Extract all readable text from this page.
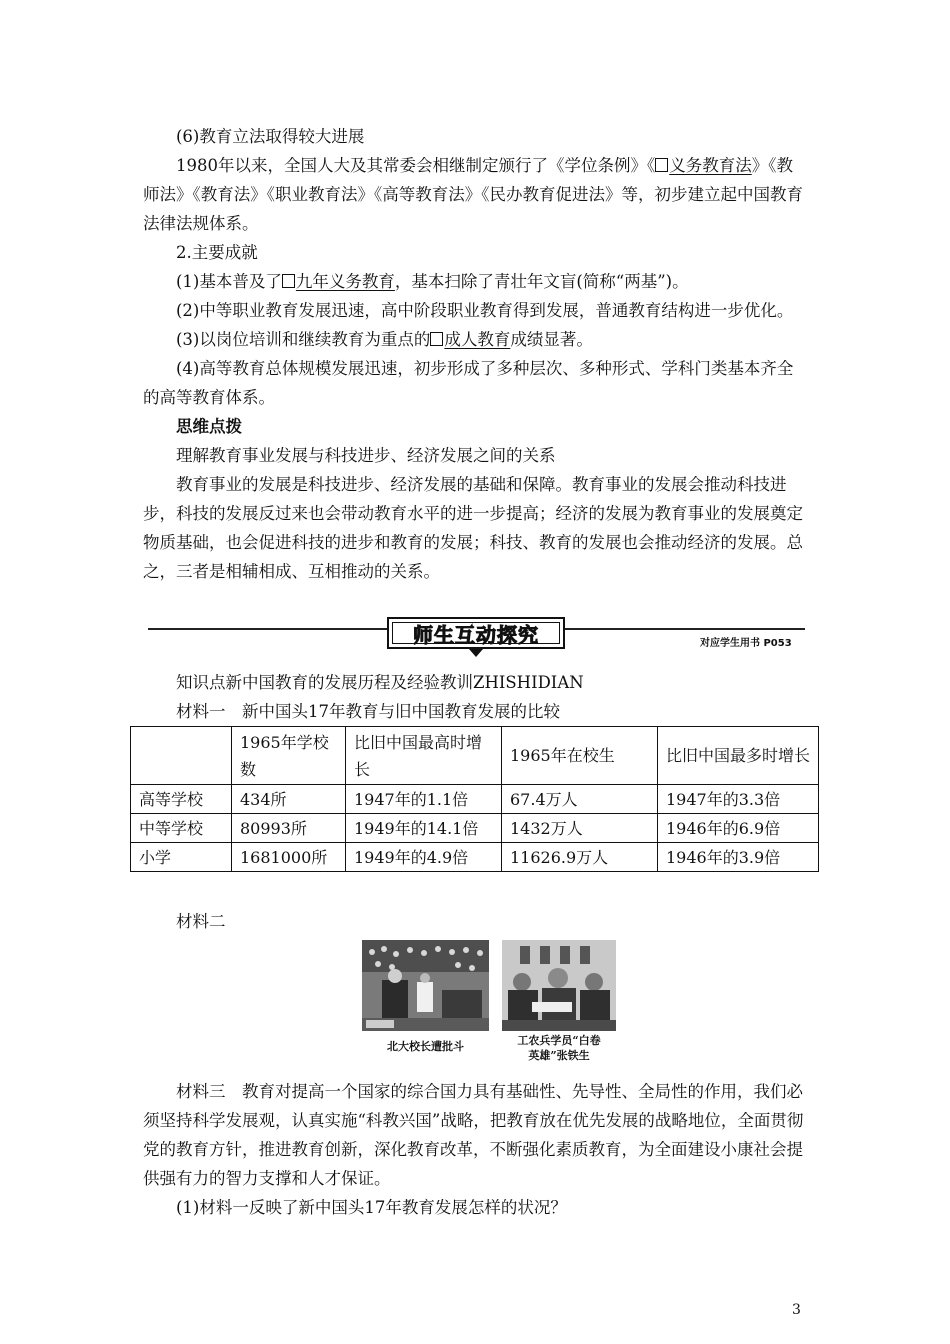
(6)教育立法取得较大进展

1980年以来，全国人大及其常委会相继制定颁行了《学位条例》《 义务教育法》《教师法》《教育法》《职业教育法》《高等教育法》《民办教育促进法》等，初步建立起中国教育法律法规体系。

2.主要成就

(1)基本普及了 九年义务教育，基本扫除了青壮年文盲(简称“两基”)。

(2)中等职业教育发展迅速，高中阶段职业教育得到发展，普通教育结构进一步优化。

(3)以岗位培训和继续教育为重点的 成人教育成绩显著。

(4)高等教育总体规模发展迅速，初步形成了多种层次、多种形式、学科门类基本齐全的高等教育体系。

思维点拨

理解教育事业发展与科技进步、经济发展之间的关系

教育事业的发展是科技进步、经济发展的基础和保障。教育事业的发展会推动科技进步，科技的发展反过来也会带动教育水平的进一步提高；经济的发展为教育事业的发展奠定物质基础，也会促进科技的进步和教育的发展；科技、教育的发展也会推动经济的发展。总之，三者是相辅相成、互相推动的关系。

师生互动探究	对应学生用书 P053

知识点新中国教育的发展历程及经验教训ZHISHIDIAN

材料一　新中国头17年教育与旧中国教育发展的比较

	1965年学校数	比旧中国最高时增长	1965年在校生	比旧中国最多时增长
高等学校	434所	1947年的1.1倍	67.4万人	1947年的3.3倍
中等学校	80993所	1949年的14.1倍	1432万人	1946年的6.9倍
小学	1681000所	1949年的4.9倍	11626.9万人	1946年的3.9倍

材料二

北大校长遭批斗	工农兵学员“白卷
英雄”张铁生

材料三　教育对提高一个国家的综合国力具有基础性、先导性、全局性的作用，我们必须坚持科学发展观，认真实施“科教兴国”战略，把教育放在优先发展的战略地位，全面贯彻党的教育方针，推进教育创新，深化教育改革，不断强化素质教育，为全面建设小康社会提供强有力的智力支撑和人才保证。

(1)材料一反映了新中国头17年教育发展怎样的状况？

3
